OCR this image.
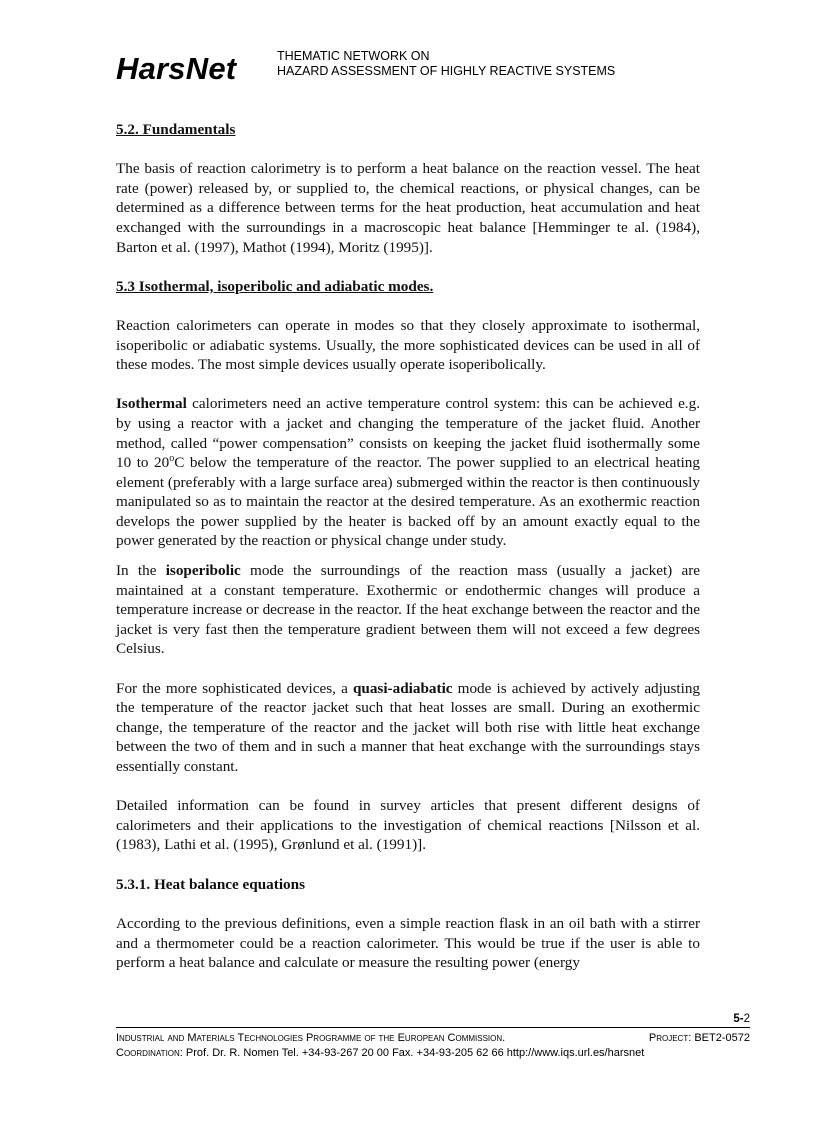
HarsNet	THEMATIC NETWORK ON
HAZARD ASSESSMENT OF HIGHLY REACTIVE SYSTEMS
5.2. Fundamentals

The basis of reaction calorimetry is to perform a heat balance on the reaction vessel. The heat rate (power) released by, or supplied to, the chemical reactions, or physical changes, can be determined as a difference between terms for the heat production, heat accumulation and heat exchanged with the surroundings in a macroscopic heat balance [Hemminger te al. (1984), Barton et al. (1997), Mathot (1994), Moritz (1995)].

5.3 Isothermal, isoperibolic and adiabatic modes.

Reaction calorimeters can operate in modes so that they closely approximate to isothermal, isoperibolic or adiabatic systems. Usually, the more sophisticated devices can be used in all of these modes. The most simple devices usually operate isoperibolically.

Isothermal calorimeters need an active temperature control system: this can be achieved e.g. by using a reactor with a jacket and changing the temperature of the jacket fluid. Another method, called “power compensation” consists on keeping the jacket fluid isothermally some 10 to 20$^o$C below the temperature of the reactor. The power supplied to an electrical heating element (preferably with a large surface area) submerged within the reactor is then continuously manipulated so as to maintain the reactor at the desired temperature. As an exothermic reaction develops the power supplied by the heater is backed off by an amount exactly equal to the power generated by the reaction or physical change under study.

In the isoperibolic mode the surroundings of the reaction mass (usually a jacket) are maintained at a constant temperature. Exothermic or endothermic changes will produce a temperature increase or decrease in the reactor. If the heat exchange between the reactor and the jacket is very fast then the temperature gradient between them will not exceed a few degrees Celsius.

For the more sophisticated devices, a quasi-adiabatic mode is achieved by actively adjusting the temperature of the reactor jacket such that heat losses are small. During an exothermic change, the temperature of the reactor and the jacket will both rise with little heat exchange between the two of them and in such a manner that heat exchange with the surroundings stays essentially constant.

Detailed information can be found in survey articles that present different designs of calorimeters and their applications to the investigation of chemical reactions [Nilsson et al. (1983), Lathi et al. (1995), Grønlund et al. (1991)].

5.3.1. Heat balance equations

According to the previous definitions, even a simple reaction flask in an oil bath with a stirrer and a thermometer could be a reaction calorimeter. This would be true if the user is able to perform a heat balance and calculate or measure the resulting power (energy

5-2
Industrial and Materials Technologies Programme of the European Commission.	Project: BET2-0572
Coordination: Prof. Dr. R. Nomen Tel. +34-93-267 20 00 Fax. +34-93-205 62 66 http://www.iqs.url.es/harsnet
